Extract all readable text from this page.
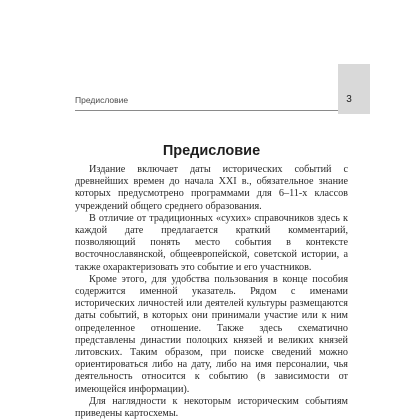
Предисловие	3
Предисловие

Издание включает даты исторических событий с древнейших времен до начала XXI в., обязательное знание которых предусмотрено программами для 6–11-х классов учреждений общего среднего образования.

В отличие от традиционных «сухих» справочников здесь к каждой дате предлагается краткий комментарий, позволяющий понять место события в контексте восточнославянской, общеевропейской, советской истории, а также охарактеризовать это событие и его участников.

Кроме этого, для удобства пользования в конце пособия содержится именной указатель. Рядом с именами исторических личностей или деятелей культуры размещаются даты событий, в которых они принимали участие или к ним определенное отношение. Также здесь схематично представлены династии полоцких князей и великих князей литовских. Таким образом, при поиске сведений можно ориентироваться либо на дату, либо на имя персоналии, чья деятельность относится к событию (в зависимости от имеющейся информации).

Для наглядности к некоторым историческим событиям приведены картосхемы.
